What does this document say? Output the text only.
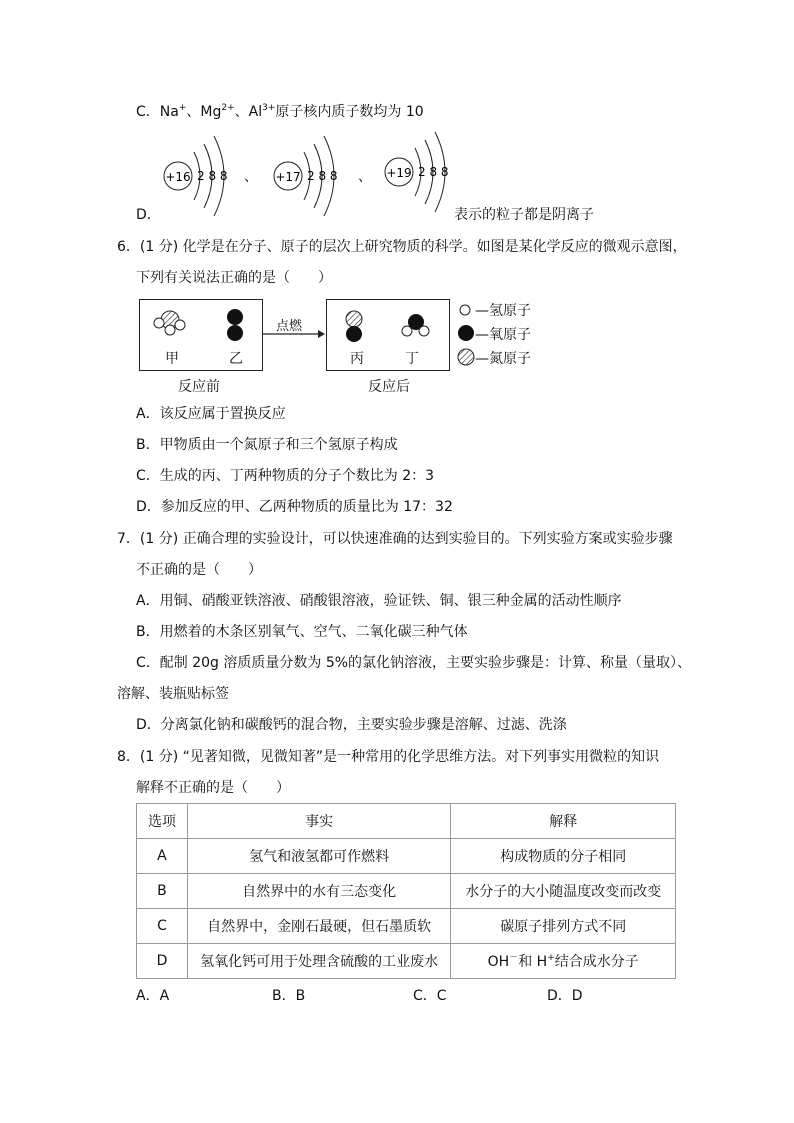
C．Na+、$Mg^{2+}$、$Al^{3+}$原子核内质子数均为 10
+16 2 8 8 、 +17 2 8 8 、 +19 2 8 8
D．	表示的粒子都是阴离子
6．(1 分) 化学是在分子、原子的层次上研究物质的科学。如图是某化学反应的微观示意图，
下列有关说法正确的是（　　）
甲	乙
点燃
丙	丁
反应前	反应后
—氢原子
—氧原子
—氮原子
A．该反应属于置换反应
B．甲物质由一个氮原子和三个氢原子构成
C．生成的丙、丁两种物质的分子个数比为 2：3
D．参加反应的甲、乙两种物质的质量比为 17：32
7．(1 分) 正确合理的实验设计，可以快速准确的达到实验目的。下列实验方案或实验步骤
不正确的是（　　）
A．用铜、硝酸亚铁溶液、硝酸银溶液，验证铁、铜、银三种金属的活动性顺序
B．用燃着的木条区别氧气、空气、二氧化碳三种气体
C．配制 20g 溶质质量分数为 5%的氯化钠溶液，主要实验步骤是：计算、称量（量取）、
溶解、装瓶贴标签
D．分离氯化钠和碳酸钙的混合物，主要实验步骤是溶解、过滤、洗涤
8．(1 分) “见著知微，见微知著”是一种常用的化学思维方法。对下列事实用微粒的知识
解释不正确的是（　　）
选项	事实	解释
A	氢气和液氢都可作燃料	构成物质的分子相同
B	自然界中的水有三态变化	水分子的大小随温度改变而改变
C	自然界中，金刚石最硬，但石墨质软	碳原子排列方式不同
D	氢氧化钙可用于处理含硫酸的工业废水	OH－和 H+结合成水分子
A．A	B．B	C．C	D．D
